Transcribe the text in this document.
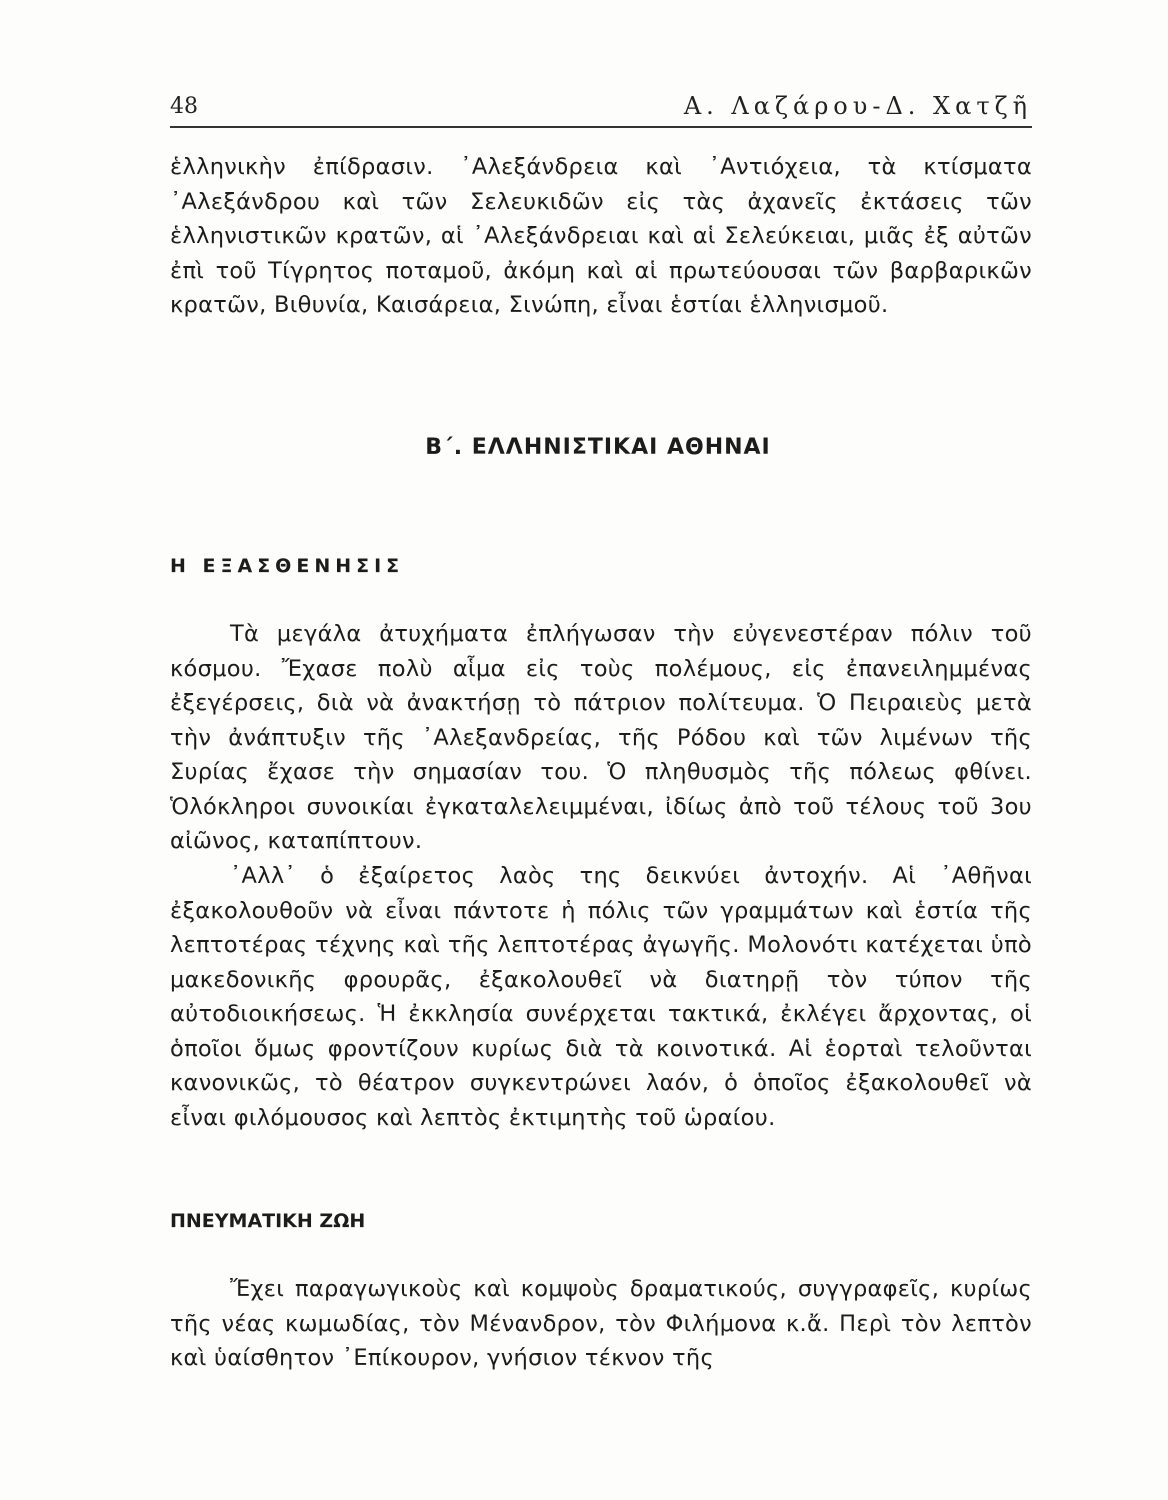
48	Α. Λαζάρου-Δ. Χατζῆ

ἑλληνικὴν ἐπίδρασιν. ᾿Αλεξάνδρεια καὶ ᾿Αντιόχεια, τὰ κτίσματα ᾿Αλεξάνδρου καὶ τῶν Σελευκιδῶν εἰς τὰς ἀχανεῖς ἐκτάσεις τῶν ἑλληνιστικῶν κρατῶν, αἱ ᾿Αλεξάνδρειαι καὶ αἱ Σελεύκειαι, μιᾶς ἐξ αὐτῶν ἐπὶ τοῦ Τίγρητος ποταμοῦ, ἀκόμη καὶ αἱ πρωτεύουσαι τῶν βαρβαρικῶν κρατῶν, Βιθυνία, Καισάρεια, Σινώπη, εἶναι ἑστίαι ἑλληνισμοῦ.

Β΄. ΕΛΛΗΝΙΣΤΙΚΑΙ ΑΘΗΝΑΙ
Η ΕΞΑΣΘΕΝΗΣΙΣ

Τὰ μεγάλα ἀτυχήματα ἐπλήγωσαν τὴν εὐγενεστέραν πόλιν τοῦ κόσμου. Ἔχασε πολὺ αἷμα εἰς τοὺς πολέμους, εἰς ἐπανειλημμένας ἐξεγέρσεις, διὰ νὰ ἀνακτήσῃ τὸ πάτριον πολίτευμα. Ὁ Πειραιεὺς μετὰ τὴν ἀνάπτυξιν τῆς ᾿Αλεξανδρείας, τῆς Ρόδου καὶ τῶν λιμένων τῆς Συρίας ἔχασε τὴν σημασίαν του. Ὁ πληθυσμὸς τῆς πόλεως φθίνει. Ὁλόκληροι συνοικίαι ἐγκαταλελειμμέναι, ἰδίως ἀπὸ τοῦ τέλους τοῦ 3ου αἰῶνος, καταπίπτουν.

᾿Αλλ᾿ ὁ ἐξαίρετος λαὸς της δεικνύει ἀντοχήν. Αἱ ᾿Αθῆναι ἐξακολουθοῦν νὰ εἶναι πάντοτε ἡ πόλις τῶν γραμμάτων καὶ ἑστία τῆς λεπτοτέρας τέχνης καὶ τῆς λεπτοτέρας ἀγωγῆς. Μολονότι κατέχεται ὑπὸ μακεδονικῆς φρουρᾶς, ἐξακολουθεῖ νὰ διατηρῇ τὸν τύπον τῆς αὐτοδιοικήσεως. Ἡ ἐκκλησία συνέρχεται τακτικά, ἐκλέγει ἄρχοντας, οἱ ὁποῖοι ὅμως φροντίζουν κυρίως διὰ τὰ κοινοτικά. Αἱ ἑορταὶ τελοῦνται κανονικῶς, τὸ θέατρον συγκεντρώνει λαόν, ὁ ὁποῖος ἐξακολουθεῖ νὰ εἶναι φιλόμουσος καὶ λεπτὸς ἐκτιμητὴς τοῦ ὡραίου.

ΠΝΕΥΜΑΤΙΚΗ ΖΩΗ

Ἔχει παραγωγικοὺς καὶ κομψοὺς δραματικούς, συγγραφεῖς, κυρίως τῆς νέας κωμωδίας, τὸν Μένανδρον, τὸν Φιλήμονα κ.ἄ. Περὶ τὸν λεπτὸν καὶ ὑαίσθητον ᾿Επίκουρον, γνήσιον τέκνον τῆς
